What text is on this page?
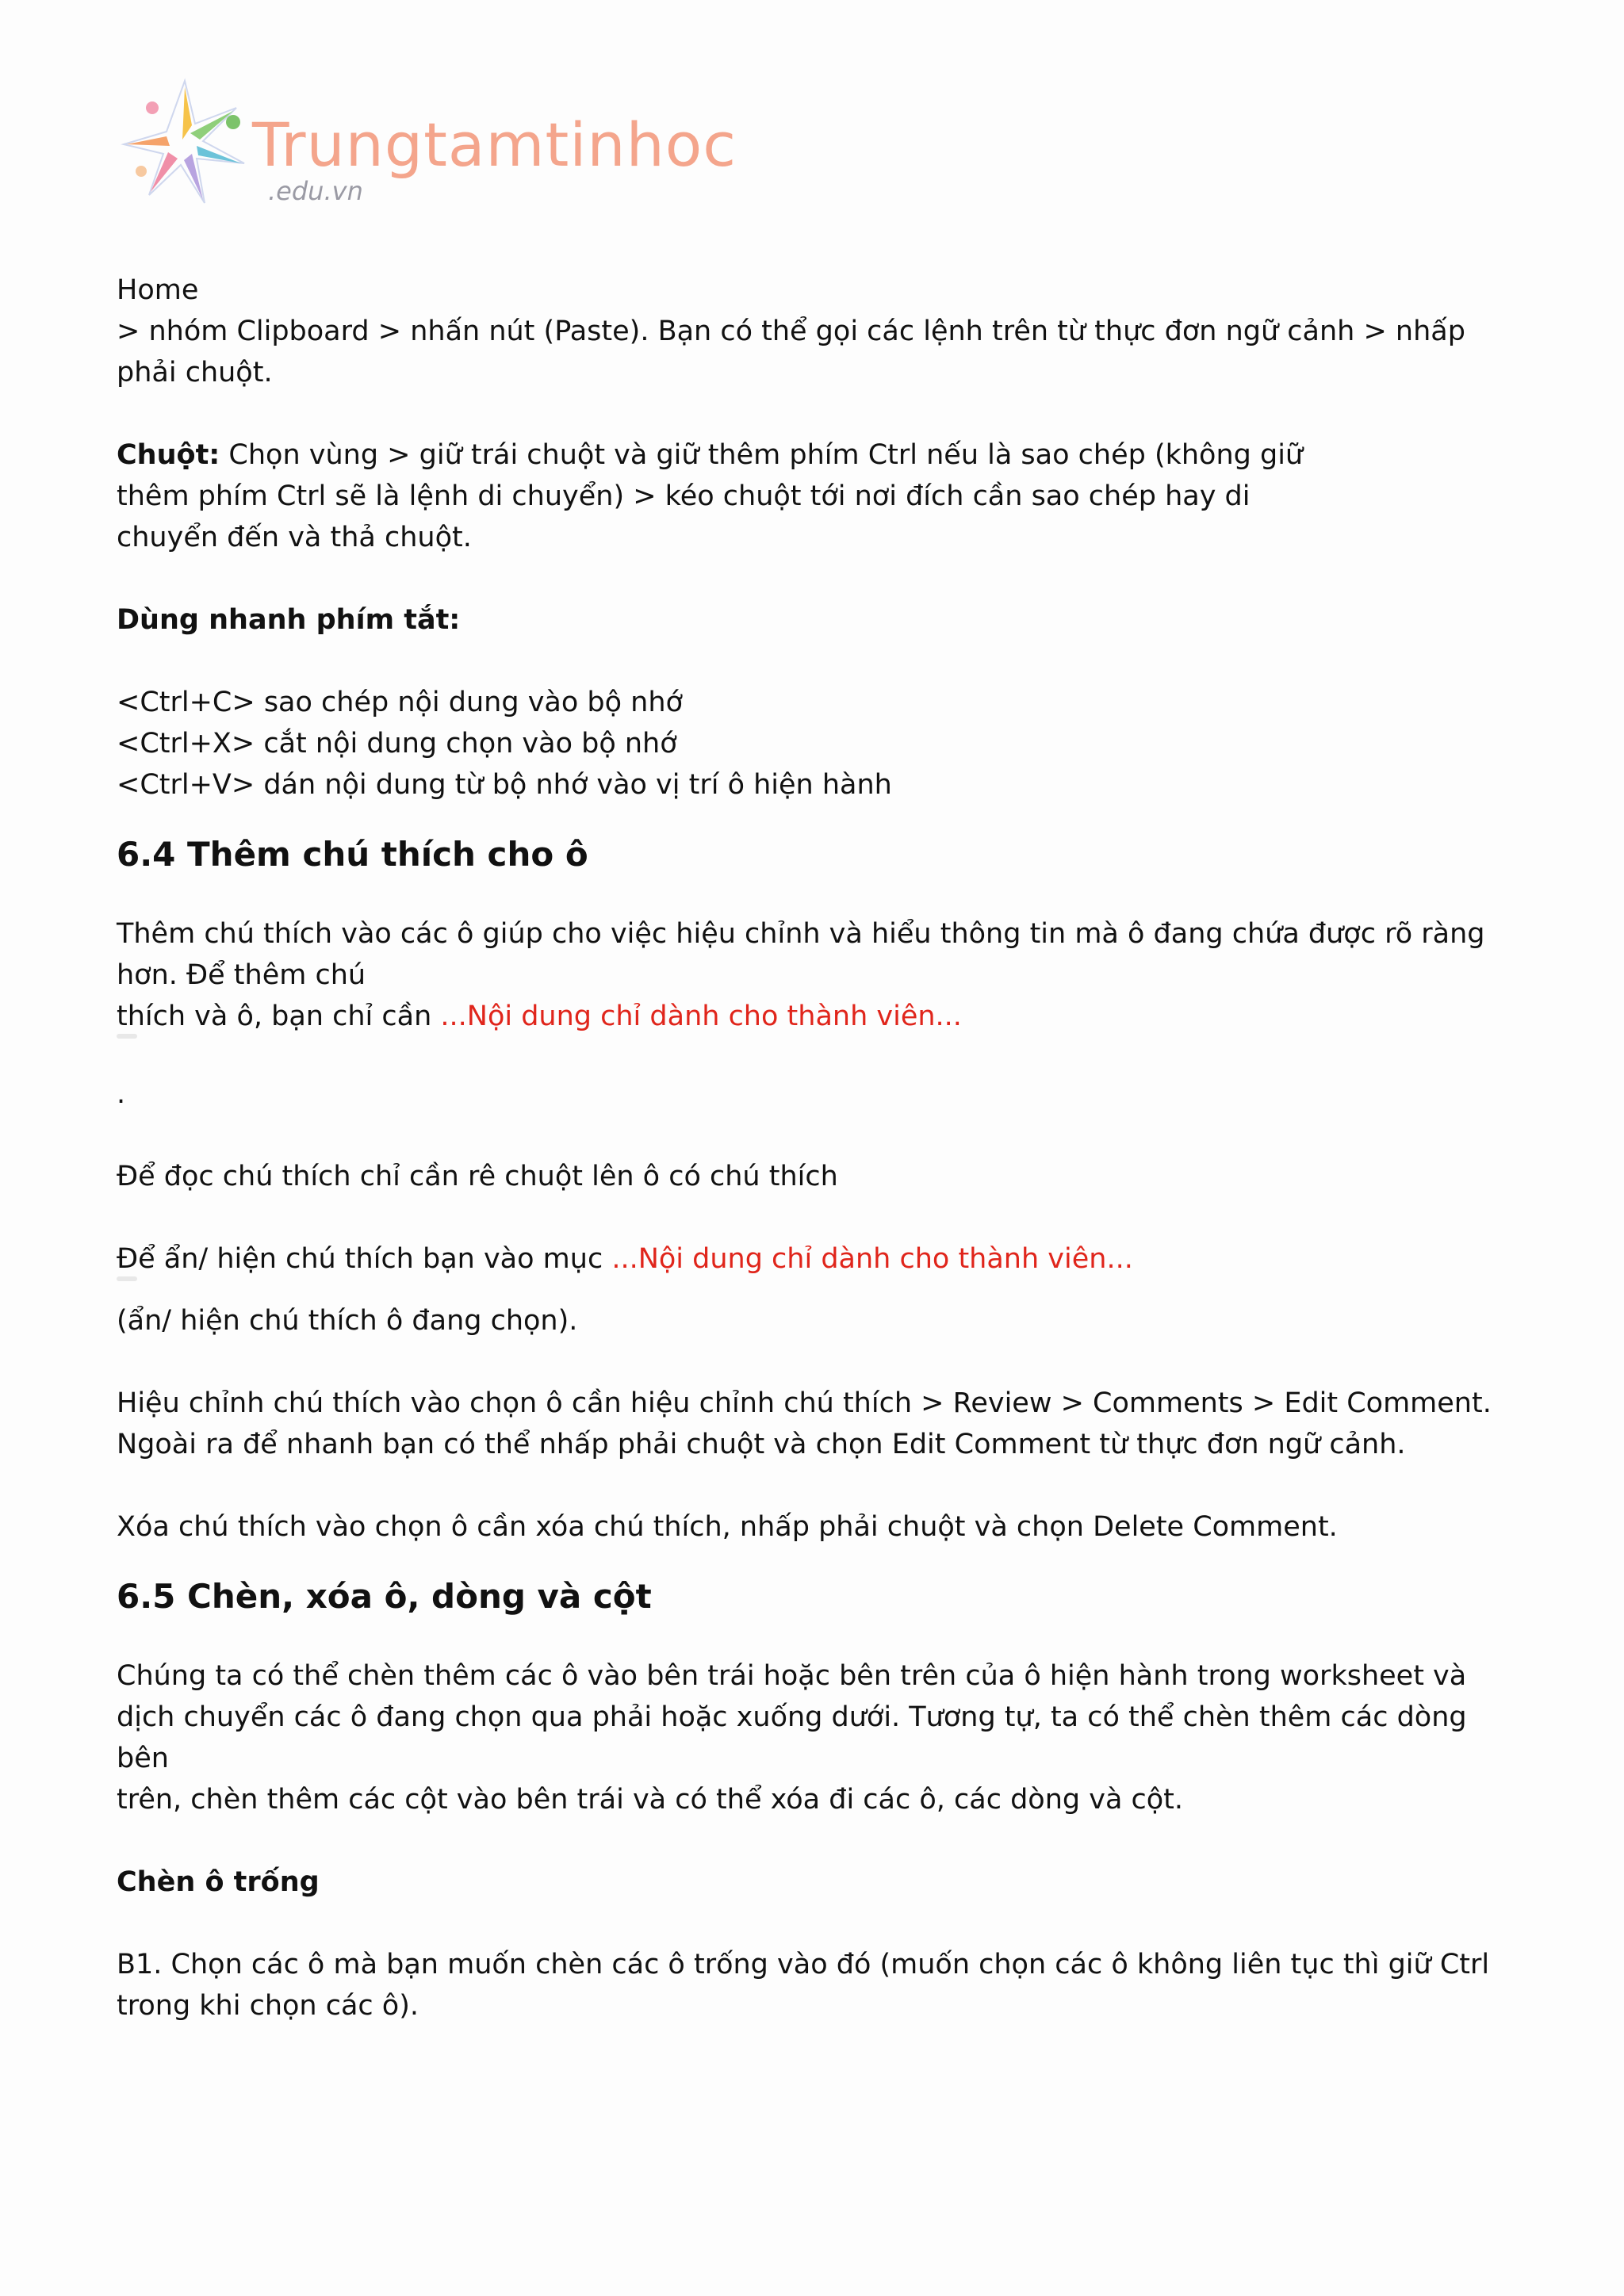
Trungtamtinhoc
.edu.vn

Home
> nhóm Clipboard > nhấn nút (Paste). Bạn có thể gọi các lệnh trên từ thực đơn ngữ cảnh > nhấp
phải chuột.

Chuột: Chọn vùng > giữ trái chuột và giữ thêm phím Ctrl nếu là sao chép (không giữ
thêm phím Ctrl sẽ là lệnh di chuyển) > kéo chuột tới nơi đích cần sao chép hay di
chuyển đến và thả chuột.

Dùng nhanh phím tắt:

<Ctrl+C> sao chép nội dung vào bộ nhớ
<Ctrl+X> cắt nội dung chọn vào bộ nhớ
<Ctrl+V> dán nội dung từ bộ nhớ vào vị trí ô hiện hành

6.4 Thêm chú thích cho ô

Thêm chú thích vào các ô giúp cho việc hiệu chỉnh và hiểu thông tin mà ô đang chứa được rõ ràng
hơn. Để thêm chú
thích và ô, bạn chỉ cần ...Nội dung chỉ dành cho thành viên...

.

Để đọc chú thích chỉ cần rê chuột lên ô có chú thích

Để ẩn/ hiện chú thích bạn vào mục ...Nội dung chỉ dành cho thành viên...

(ẩn/ hiện chú thích ô đang chọn).

Hiệu chỉnh chú thích vào chọn ô cần hiệu chỉnh chú thích > Review > Comments > Edit Comment.
Ngoài ra để nhanh bạn có thể nhấp phải chuột và chọn Edit Comment từ thực đơn ngữ cảnh.

Xóa chú thích vào chọn ô cần xóa chú thích, nhấp phải chuột và chọn Delete Comment.

6.5 Chèn, xóa ô, dòng và cột

Chúng ta có thể chèn thêm các ô vào bên trái hoặc bên trên của ô hiện hành trong worksheet và
dịch chuyển các ô đang chọn qua phải hoặc xuống dưới. Tương tự, ta có thể chèn thêm các dòng bên
trên, chèn thêm các cột vào bên trái và có thể xóa đi các ô, các dòng và cột.

Chèn ô trống

B1. Chọn các ô mà bạn muốn chèn các ô trống vào đó (muốn chọn các ô không liên tục thì giữ Ctrl
trong khi chọn các ô).
